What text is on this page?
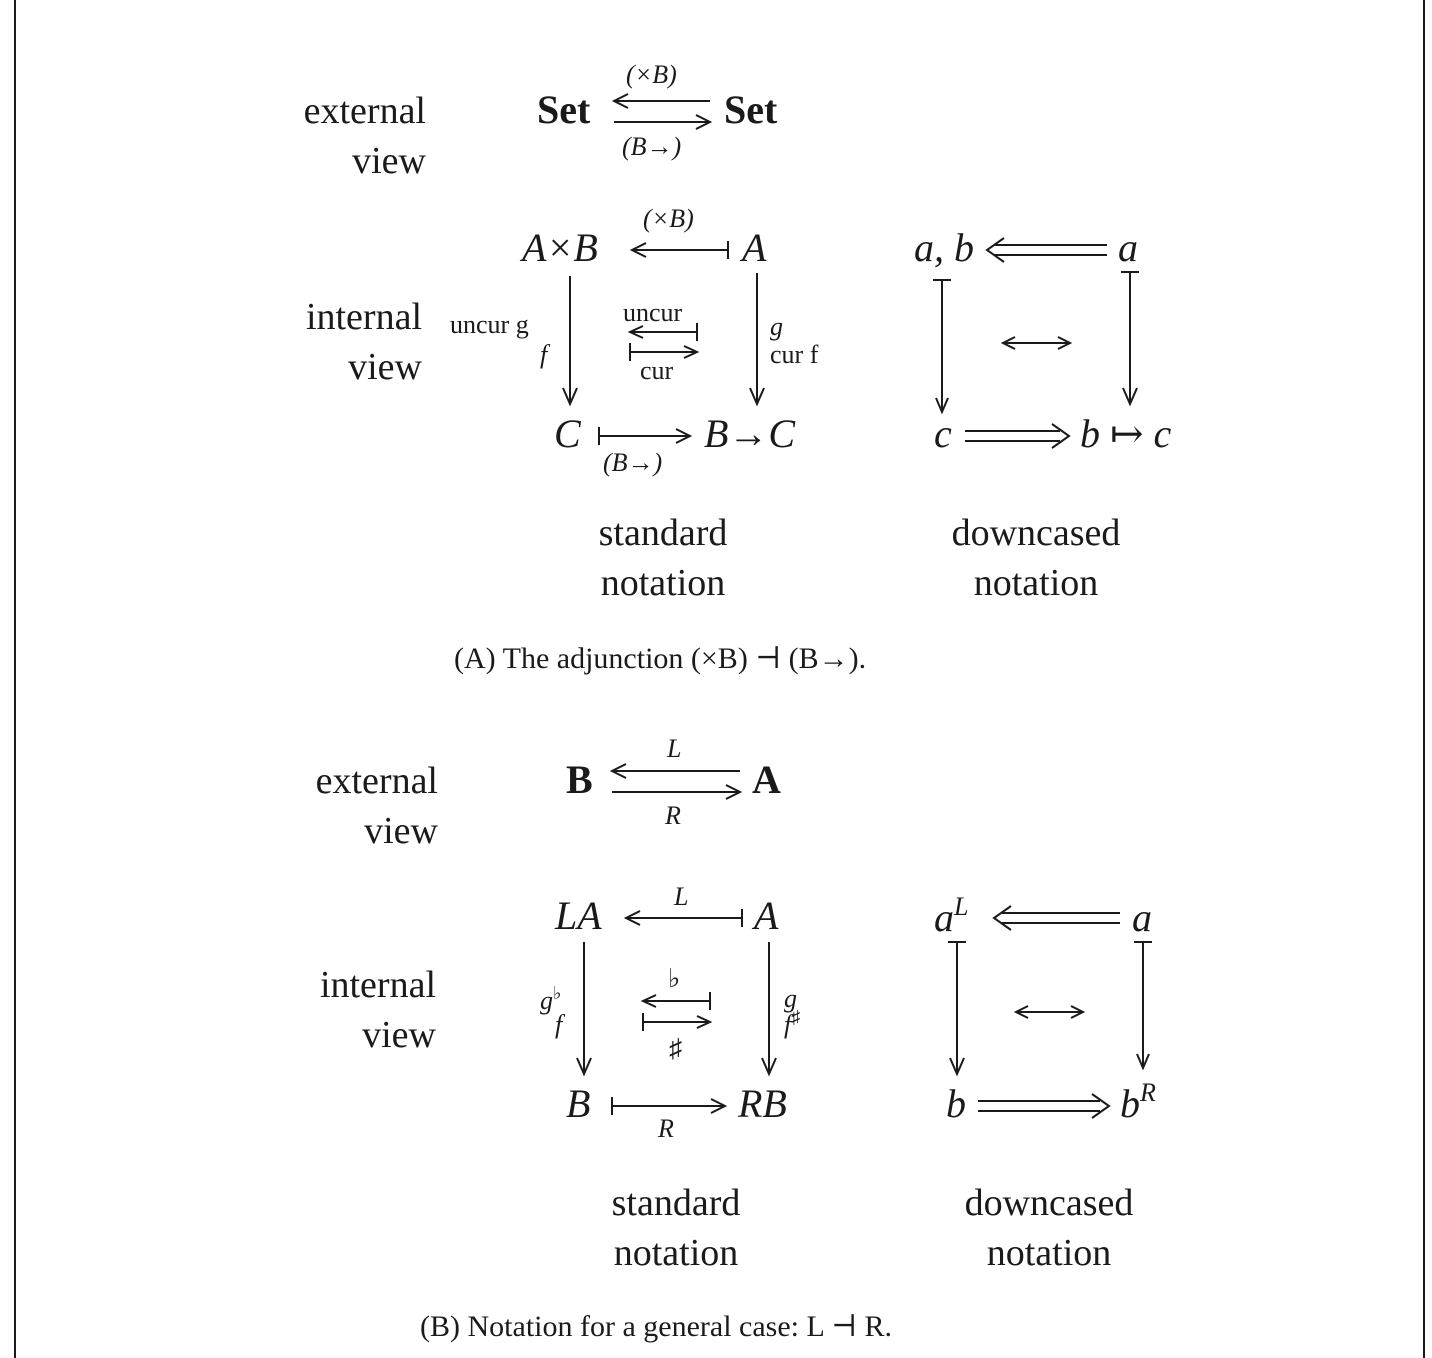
external
view
internal
view
Set	Set
(×B)
(B→)
A×B	A
C	B→C
(×B)
(B→)
uncur g
f
g
cur f
uncur
cur
a, b	a
c	b ↦ c
standard
notation
downcased
notation
(A) The adjunction (×B) ⊣ (B→).
external
view
internal
view
B	A
L
R
LA	A
B	RB
L
R
g♭
f
g
f♯
♭
♯
$a^L$	a
b	$b^R$
standard
notation
downcased
notation
(B) Notation for a general case: L ⊣ R.
